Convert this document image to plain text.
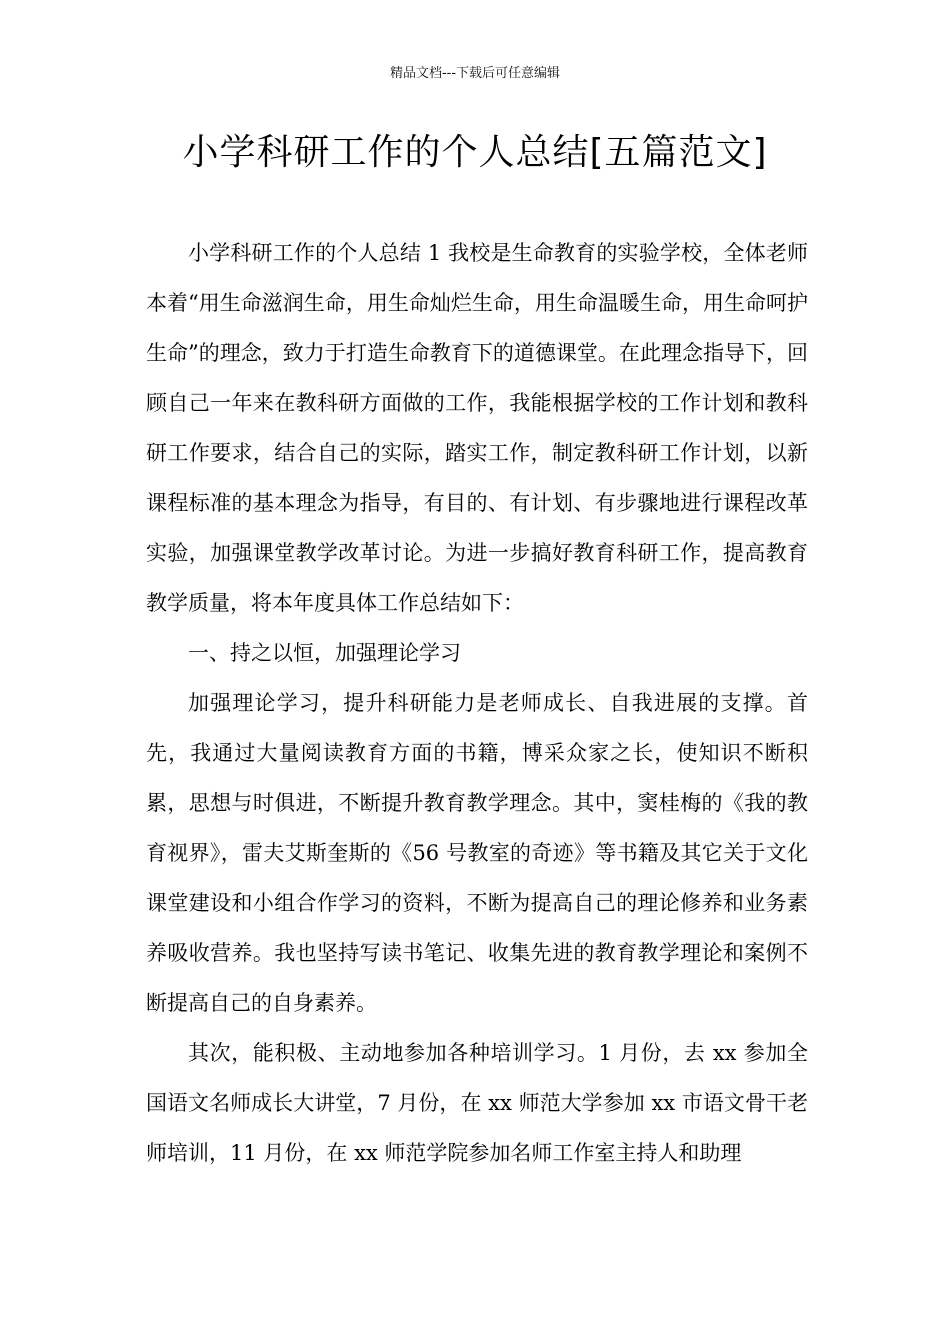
精品文档---下载后可任意编辑
小学科研工作的个人总结[五篇范文]

小学科研工作的个人总结 1 我校是生命教育的实验学校，全体老师本着“用生命滋润生命，用生命灿烂生命，用生命温暖生命，用生命呵护生命”的理念，致力于打造生命教育下的道德课堂。在此理念指导下，回顾自己一年来在教科研方面做的工作，我能根据学校的工作计划和教科研工作要求，结合自己的实际，踏实工作，制定教科研工作计划，以新课程标准的基本理念为指导，有目的、有计划、有步骤地进行课程改革实验，加强课堂教学改革讨论。为进一步搞好教育科研工作，提高教育教学质量，将本年度具体工作总结如下：

一、持之以恒，加强理论学习

加强理论学习，提升科研能力是老师成长、自我进展的支撑。首先，我通过大量阅读教育方面的书籍，博采众家之长，使知识不断积累，思想与时俱进，不断提升教育教学理念。其中，窦桂梅的《我的教育视界》，雷夫艾斯奎斯的《56 号教室的奇迹》等书籍及其它关于文化课堂建设和小组合作学习的资料，不断为提高自己的理论修养和业务素养吸收营养。我也坚持写读书笔记、收集先进的教育教学理论和案例不断提高自己的自身素养。

其次，能积极、主动地参加各种培训学习。1 月份，去 xx 参加全国语文名师成长大讲堂，7 月份，在 xx 师范大学参加 xx 市语文骨干老师培训，11 月份，在 xx 师范学院参加名师工作室主持人和助理
